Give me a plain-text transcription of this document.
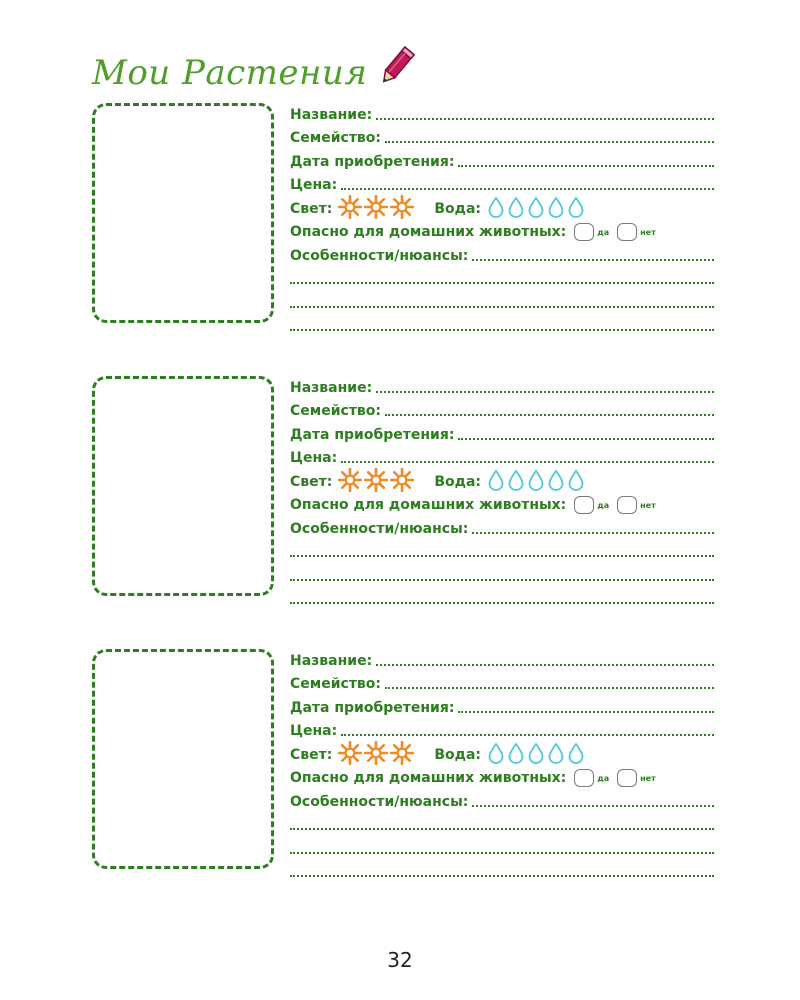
Мои Растения
Название:
Семейство:
Дата приобретения:
Цена:
Свет:	Вода:
Опасно для домашних животных:	да	нет
Особенности/нюансы:
Название:
Семейство:
Дата приобретения:
Цена:
Свет:	Вода:
Опасно для домашних животных:	да	нет
Особенности/нюансы:
Название:
Семейство:
Дата приобретения:
Цена:
Свет:	Вода:
Опасно для домашних животных:	да	нет
Особенности/нюансы:
32
